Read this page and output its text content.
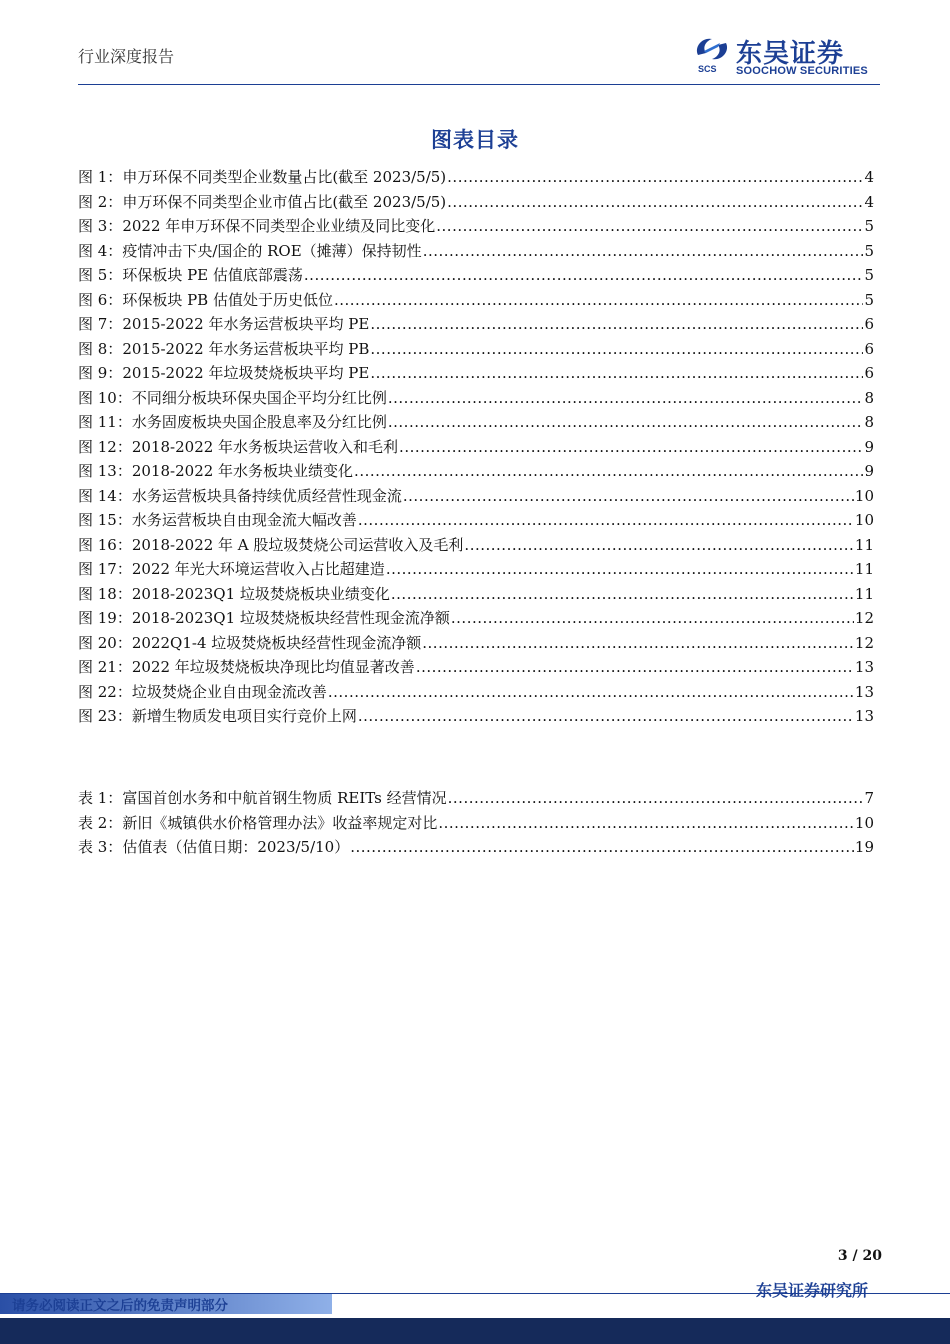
行业深度报告
SCS 东吴证券
SOOCHOW SECURITIES
图表目录
图 1： 申万环保不同类型企业数量占比(截至 2023/5/5) .....	4
图 2： 申万环保不同类型企业市值占比(截至 2023/5/5) .....	4
图 3： 2022 年申万环保不同类型企业业绩及同比变化 .....	5
图 4： 疫情冲击下央/国企的 ROE（摊薄）保持韧性 .....	5
图 5： 环保板块 PE 估值底部震荡 .....	5
图 6： 环保板块 PB 估值处于历史低位 .....	5
图 7： 2015-2022 年水务运营板块平均 PE .....	6
图 8： 2015-2022 年水务运营板块平均 PB .....	6
图 9： 2015-2022 年垃圾焚烧板块平均 PE .....	6
图 10： 不同细分板块环保央国企平均分红比例 .....	8
图 11： 水务固废板块央国企股息率及分红比例 .....	8
图 12： 2018-2022 年水务板块运营收入和毛利 .....	9
图 13： 2018-2022 年水务板块业绩变化 .....	9
图 14： 水务运营板块具备持续优质经营性现金流 .....	10
图 15： 水务运营板块自由现金流大幅改善 .....	10
图 16： 2018-2022 年 A 股垃圾焚烧公司运营收入及毛利 .....	11
图 17： 2022 年光大环境运营收入占比超建造 .....	11
图 18： 2018-2023Q1 垃圾焚烧板块业绩变化 .....	11
图 19： 2018-2023Q1 垃圾焚烧板块经营性现金流净额 .....	12
图 20： 2022Q1-4 垃圾焚烧板块经营性现金流净额 .....	12
图 21： 2022 年垃圾焚烧板块净现比均值显著改善 .....	13
图 22： 垃圾焚烧企业自由现金流改善 .....	13
图 23： 新增生物质发电项目实行竞价上网 .....	13
表 1： 富国首创水务和中航首钢生物质 REITs 经营情况 .....	7
表 2： 新旧《城镇供水价格管理办法》收益率规定对比 .....	10
表 3： 估值表（估值日期：2023/5/10） .....	19
3 / 20
请务必阅读正文之后的免责声明部分
东吴证券研究所
